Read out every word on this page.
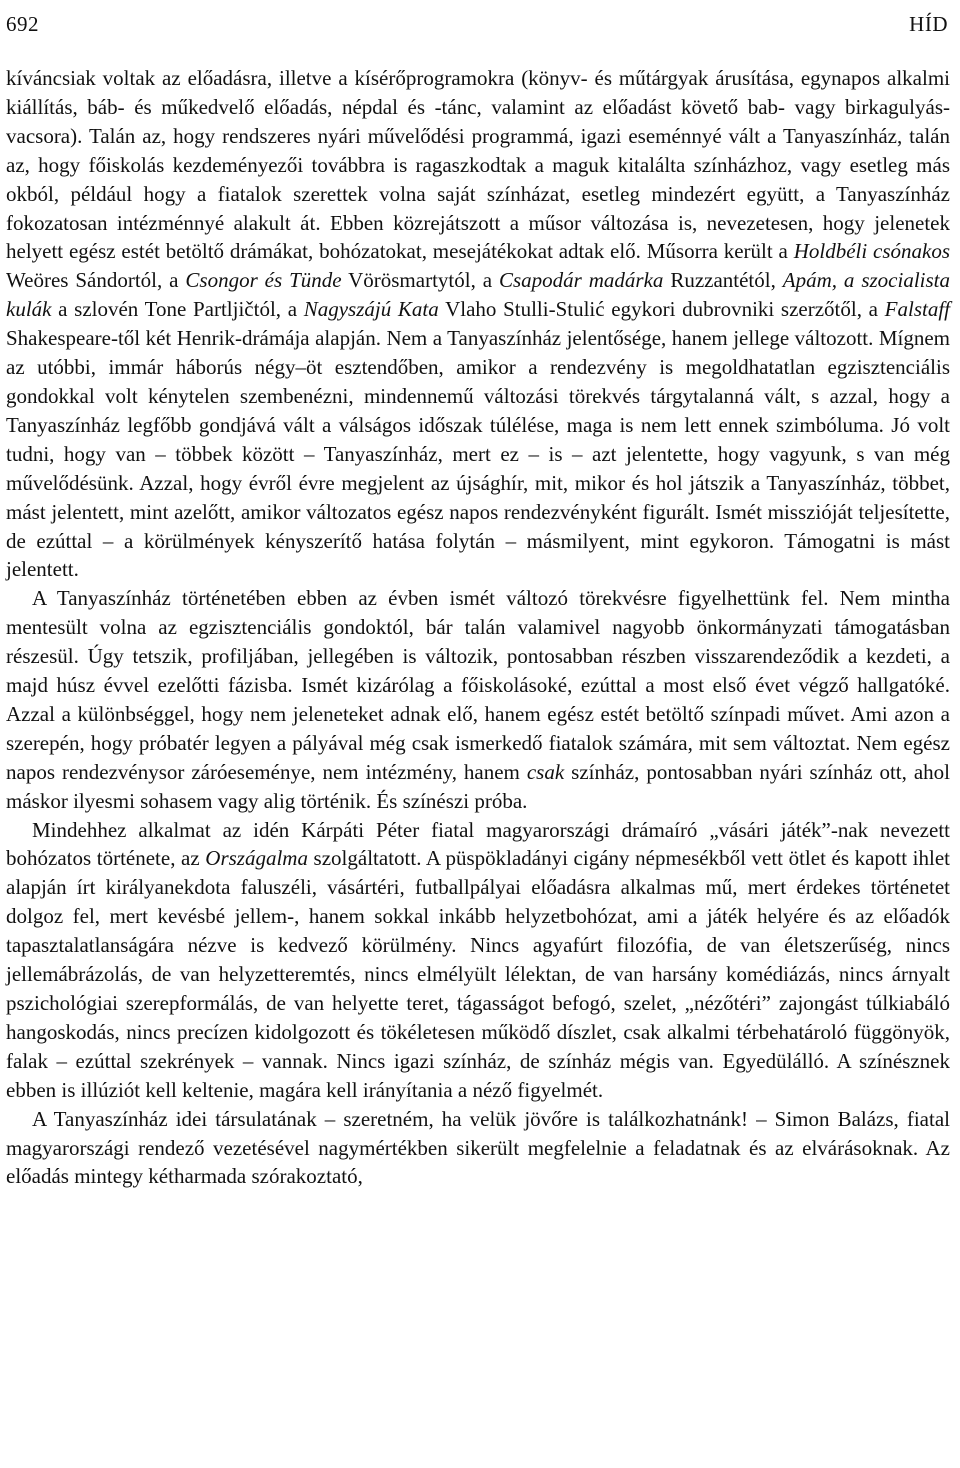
692	HÍD

kíváncsiak voltak az előadásra, illetve a kísérőprogramokra (könyv- és műtárgyak árusítása, egynapos alkalmi kiállítás, báb- és műkedvelő előadás, népdal és -tánc, valamint az előadást követő bab- vagy birkagulyás-vacsora). Talán az, hogy rendszeres nyári művelődési programmá, igazi eseménnyé vált a Tanyaszínház, talán az, hogy főiskolás kezdeményezői továbbra is ragaszkodtak a maguk kitalálta színházhoz, vagy esetleg más okból, például hogy a fiatalok szerettek volna saját színházat, esetleg mindezért együtt, a Tanyaszínház fokozatosan intézménnyé alakult át. Ebben közrejátszott a műsor változása is, nevezetesen, hogy jelenetek helyett egész estét betöltő drámákat, bohózatokat, mesejátékokat adtak elő. Műsorra került a Holdbéli csónakos Weöres Sándortól, a Csongor és Tünde Vörösmartytól, a Csapodár madárka Ruzzantétól, Apám, a szocialista kulák a szlovén Tone Partljičtól, a Nagyszájú Kata Vlaho Stulli-Stulić egykori dubrovniki szerzőtől, a Falstaff Shakespeare-től két Henrik-drámája alapján. Nem a Tanyaszínház jelentősége, hanem jellege változott. Mígnem az utóbbi, immár háborús négy–öt esztendőben, amikor a rendezvény is megoldhatatlan egzisztenciális gondokkal volt kénytelen szembenézni, mindennemű változási törekvés tárgytalanná vált, s azzal, hogy a Tanyaszínház legfőbb gondjává vált a válságos időszak túlélése, maga is nem lett ennek szimbóluma. Jó volt tudni, hogy van – többek között – Tanyaszínház, mert ez – is – azt jelentette, hogy vagyunk, s van még művelődésünk. Azzal, hogy évről évre megjelent az újsághír, mit, mikor és hol játszik a Tanyaszínház, többet, mást jelentett, mint azelőtt, amikor változatos egész napos rendezvényként figurált. Ismét misszióját teljesítette, de ezúttal – a körülmények kényszerítő hatása folytán – másmilyent, mint egykoron. Támogatni is mást jelentett.

A Tanyaszínház történetében ebben az évben ismét változó törekvésre figyelhettünk fel. Nem mintha mentesült volna az egzisztenciális gondoktól, bár talán valamivel nagyobb önkormányzati támogatásban részesül. Úgy tetszik, profiljában, jellegében is változik, pontosabban részben visszarendeződik a kezdeti, a majd húsz évvel ezelőtti fázisba. Ismét kizárólag a főiskolásoké, ezúttal a most első évet végző hallgatóké. Azzal a különbséggel, hogy nem jeleneteket adnak elő, hanem egész estét betöltő színpadi művet. Ami azon a szerepén, hogy próbatér legyen a pályával még csak ismerkedő fiatalok számára, mit sem változtat. Nem egész napos rendezvénysor záróeseménye, nem intézmény, hanem csak színház, pontosabban nyári színház ott, ahol máskor ilyesmi sohasem vagy alig történik. És színészi próba.

Mindehhez alkalmat az idén Kárpáti Péter fiatal magyarországi drámaíró „vásári játék”-nak nevezett bohózatos története, az Országalma szolgáltatott. A püspökladányi cigány népmesékből vett ötlet és kapott ihlet alapján írt királyanekdota faluszéli, vásártéri, futballpályai előadásra alkalmas mű, mert érdekes történetet dolgoz fel, mert kevésbé jellem-, hanem sokkal inkább helyzetbohózat, ami a játék helyére és az előadók tapasztalatlanságára nézve is kedvező körülmény. Nincs agyafúrt filozófia, de van életszerűség, nincs jellemábrázolás, de van helyzetteremtés, nincs elmélyült lélektan, de van harsány komédiázás, nincs árnyalt pszichológiai szerepformálás, de van helyette teret, tágasságot befogó, szelet, „nézőtéri” zajongást túlkiabáló hangoskodás, nincs precízen kidolgozott és tökéletesen működő díszlet, csak alkalmi térbehatároló függönyök, falak – ezúttal szekrények – vannak. Nincs igazi színház, de színház mégis van. Egyedülálló. A színésznek ebben is illúziót kell keltenie, magára kell irányítania a néző figyelmét.

A Tanyaszínház idei társulatának – szeretném, ha velük jövőre is találkozhatnánk! – Simon Balázs, fiatal magyarországi rendező vezetésével nagymértékben sikerült megfelelnie a feladatnak és az elvárásoknak. Az előadás mintegy kétharmada szórakoztató,
